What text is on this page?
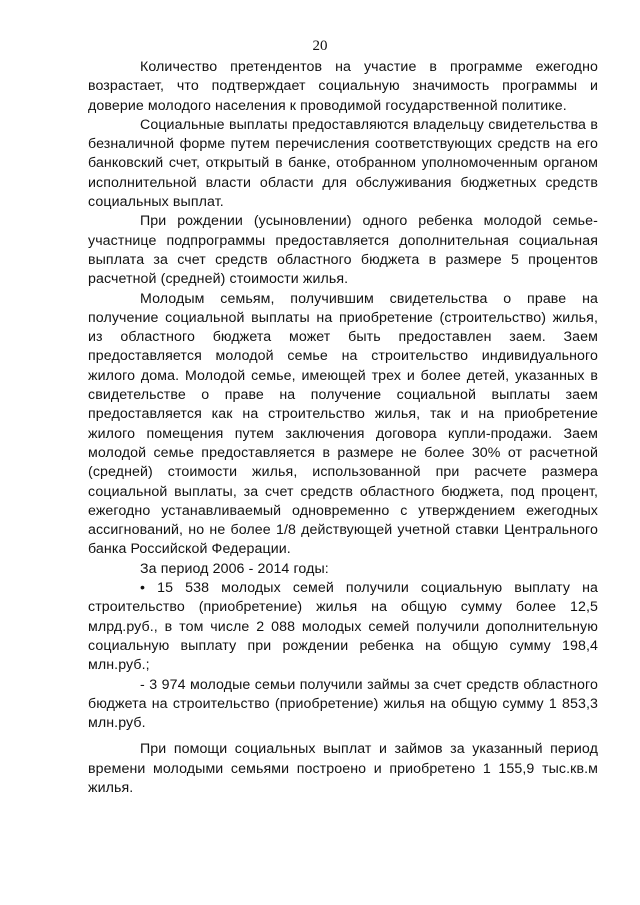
20

Количество претендентов на участие в программе ежегодно возрастает, что подтверждает социальную значимость программы и доверие молодого населения к проводимой государственной политике.

Социальные выплаты предоставляются владельцу свидетельства в безналичной форме путем перечисления соответствующих средств на его банковский счет, открытый в банке, отобранном уполномоченным органом исполнительной власти области для обслуживания бюджетных средств социальных выплат.

При рождении (усыновлении) одного ребенка молодой семье-участнице подпрограммы предоставляется дополнительная социальная выплата за счет средств областного бюджета в размере 5 процентов расчетной (средней) стоимости жилья.

Молодым семьям, получившим свидетельства о праве на получение социальной выплаты на приобретение (строительство) жилья, из областного бюджета может быть предоставлен заем. Заем предоставляется молодой семье на строительство индивидуального жилого дома. Молодой семье, имеющей трех и более детей, указанных в свидетельстве о праве на получение социальной выплаты заем предоставляется как на строительство жилья, так и на приобретение жилого помещения путем заключения договора купли-продажи. Заем молодой семье предоставляется в размере не более 30% от расчетной (средней) стоимости жилья, использованной при расчете размера социальной выплаты, за счет средств областного бюджета, под процент, ежегодно устанавливаемый одновременно с утверждением ежегодных ассигнований, но не более 1/8 действующей учетной ставки Центрального банка Российской Федерации.

За период 2006 - 2014 годы:

• 15 538 молодых семей получили социальную выплату на строительство (приобретение) жилья на общую сумму более 12,5 млрд.руб., в том числе 2 088 молодых семей получили дополнительную социальную выплату при рождении ребенка на общую сумму 198,4 млн.руб.;

- 3 974 молодые семьи получили займы за счет средств областного бюджета на строительство (приобретение) жилья на общую сумму 1 853,3 млн.руб.

При помощи социальных выплат и займов за указанный период времени молодыми семьями построено и приобретено 1 155,9 тыс.кв.м жилья.
